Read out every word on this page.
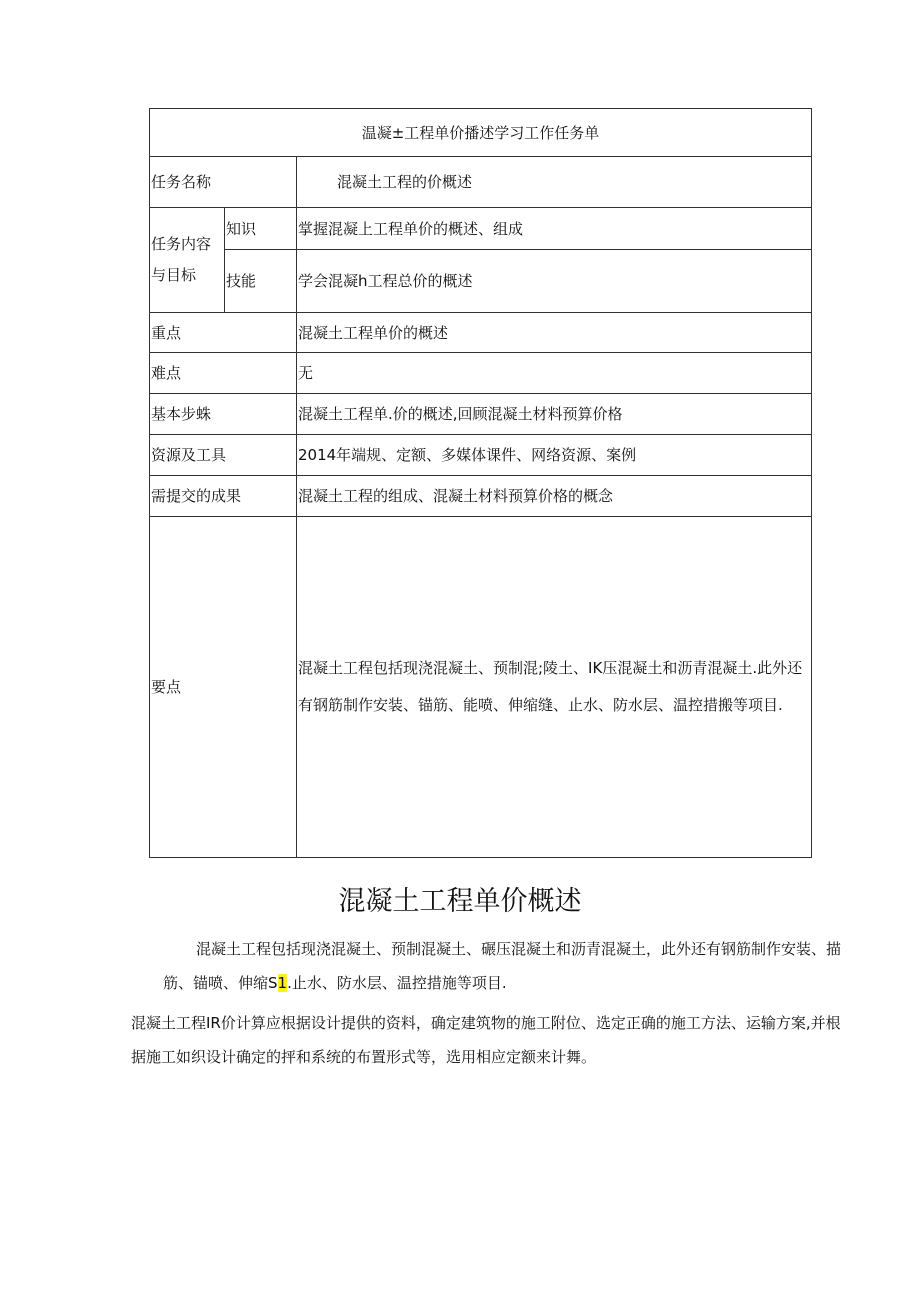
温凝±工程单价播述学习工作任务单		
任务名称		混凝土工程的价概述
任务内容与目标	知识	掌握混凝上工程单价的概述、组成
	技能	学会混凝h工程总价的概述
重点		混凝土工程单价的概述
难点		无
基本步蛛		混凝土工程单.价的概述,回顾混凝土材料预算价格
资源及工具		2014年端规、定额、多媒体课件、网络资源、案例
需提交的成果		混凝土工程的组成、混凝土材料预算价格的概念
要点		混凝土工程包括现浇混凝土、预制混;陵土、IK压混凝土和沥青混凝土.此外还有钢筋制作安装、锚筋、能喷、伸缩缝、止水、防水层、温控措搬等项目.
混凝土工程单价概述

混凝土工程包括现浇混凝土、预制混凝土、碾压混凝土和沥青混凝土，此外还有钢筋制作安装、描筋、锚喷、伸缩S1.止水、防水层、温控措施等项目.

混凝土工程IR价计算应根据设计提供的资料，确定建筑物的施工附位、选定正确的施工方法、运输方案,并根据施工如织设计确定的抨和系统的布置形式等，选用相应定额来计舞。
